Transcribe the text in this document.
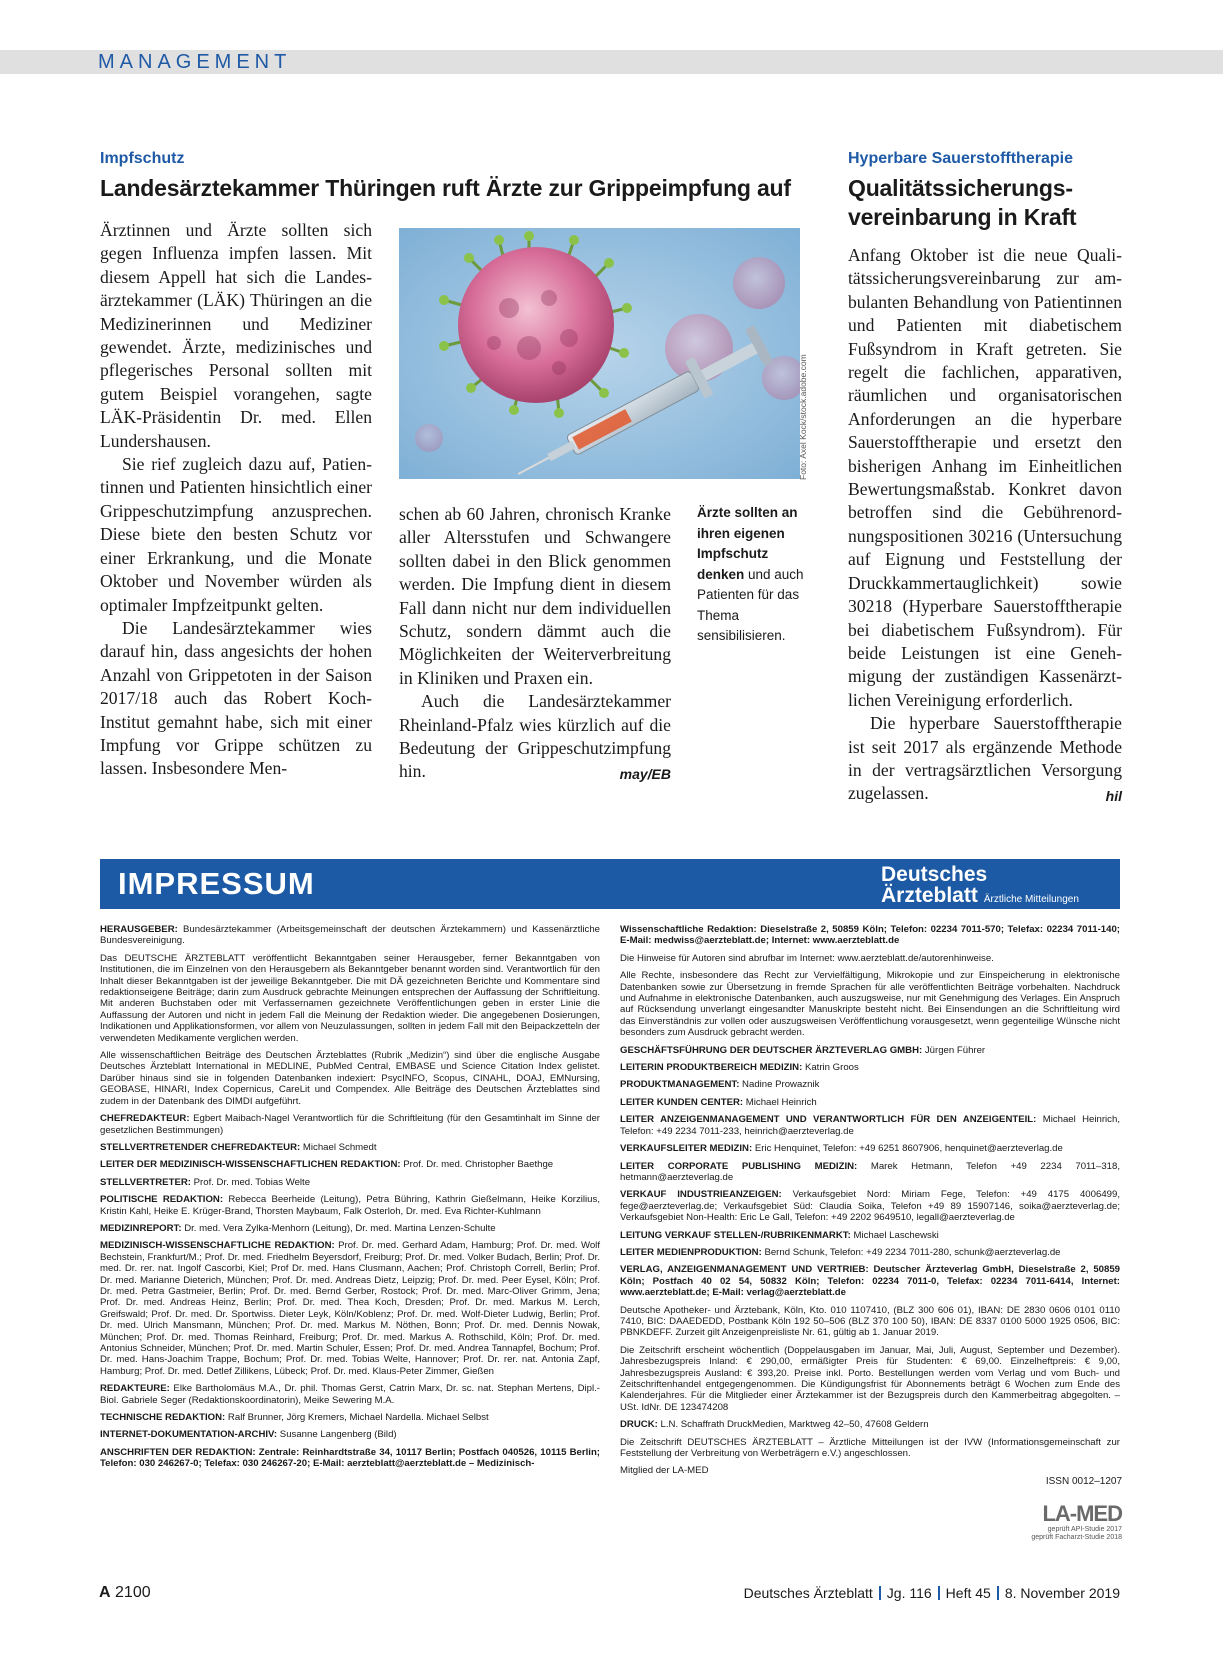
MANAGEMENT
Impfschutz
Landesärztekammer Thüringen ruft Ärzte zur Grippeimpfung auf

Ärztinnen und Ärzte sollten sich gegen Influenza impfen lassen. Mit diesem Appell hat sich die Landesärztekammer (LÄK) Thüringen an die Medizinerinnen und Mediziner gewendet. Ärzte, medizinisches und pflegerisches Personal sollten mit gutem Beispiel vorangehen, sagte LÄK-Präsidentin Dr. med. Ellen Lundershausen.

Sie rief zugleich dazu auf, Patientinnen und Patienten hinsichtlich einer Grippeschutzimpfung anzusprechen. Diese biete den besten Schutz vor einer Erkrankung, und die Monate Oktober und November würden als optimaler Impfzeitpunkt gelten.

Die Landesärztekammer wies darauf hin, dass angesichts der hohen Anzahl von Grippetoten in der Saison 2017/18 auch das Robert Koch-Institut gemahnt habe, sich mit einer Impfung vor Grippe schützen zu lassen. Insbesondere Men-

Foto: Axel Kock/stock.adobe.com

schen ab 60 Jahren, chronisch Kranke aller Altersstufen und Schwangere sollten dabei in den Blick genommen werden. Die Impfung dient in diesem Fall dann nicht nur dem individuellen Schutz, sondern dämmt auch die Möglichkeiten der Weiterverbreitung in Kliniken und Praxen ein.

Auch die Landesärztekammer Rheinland-Pfalz wies kürzlich auf die Bedeutung der Grippeschutzimpfung hin.	may/EB

Ärzte sollten an ihren eigenen Impfschutz denken und auch Patienten für das Thema sensibilisieren.
Hyperbare Sauerstofftherapie
Qualitätssicherungs-
vereinbarung in Kraft

Anfang Oktober ist die neue Qualitätssicherungsvereinbarung zur ambulanten Behandlung von Patientinnen und Patienten mit diabetischem Fußsyndrom in Kraft getreten. Sie regelt die fachlichen, apparativen, räumlichen und organisatorischen Anforderungen an die hyperbare Sauerstofftherapie und ersetzt den bisherigen Anhang im Einheitlichen Bewertungsmaßstab. Konkret davon betroffen sind die Gebührenordnungspositionen 30216 (Untersuchung auf Eignung und Feststellung der Druckkammertauglichkeit) sowie 30218 (Hyperbare Sauerstofftherapie bei diabetischem Fußsyndrom). Für beide Leistungen ist eine Genehmigung der zuständigen Kassenärztlichen Vereinigung erforderlich.

Die hyperbare Sauerstofftherapie ist seit 2017 als ergänzende Methode in der vertragsärztlichen Versorgung zugelassen.	hil

IMPRESSUM	Deutsches
Ärzteblatt Ärztliche Mitteilungen

HERAUSGEBER: Bundesärztekammer (Arbeitsgemeinschaft der deutschen Ärztekammern) und Kassenärztliche Bundesvereinigung.

Das DEUTSCHE ÄRZTEBLATT veröffentlicht Bekanntgaben seiner Herausgeber, ferner Bekanntgaben von Institutionen, die im Einzelnen von den Herausgebern als Bekanntgeber benannt worden sind. Verantwortlich für den Inhalt dieser Bekanntgaben ist der jeweilige Bekanntgeber. Die mit DÄ gezeichneten Berichte und Kommentare sind redaktionseigene Beiträge; darin zum Ausdruck gebrachte Meinungen entsprechen der Auffassung der Schriftleitung. Mit anderen Buchstaben oder mit Verfassernamen gezeichnete Veröffentlichungen geben in erster Linie die Auffassung der Autoren und nicht in jedem Fall die Meinung der Redaktion wieder. Die angegebenen Dosierungen, Indikationen und Applikationsformen, vor allem von Neuzulassungen, sollten in jedem Fall mit den Beipackzetteln der verwendeten Medikamente verglichen werden.

Alle wissenschaftlichen Beiträge des Deutschen Ärzteblattes (Rubrik „Medizin“) sind über die englische Ausgabe Deutsches Ärzteblatt International in MEDLINE, PubMed Central, EMBASE und Science Citation Index gelistet. Darüber hinaus sind sie in folgenden Datenbanken indexiert: PsycINFO, Scopus, CINAHL, DOAJ, EMNursing, GEOBASE, HINARI, Index Copernicus, CareLit und Compendex. Alle Beiträge des Deutschen Ärzteblattes sind zudem in der Datenbank des DIMDI aufgeführt.

CHEFREDAKTEUR: Egbert Maibach-Nagel Verantwortlich für die Schriftleitung (für den Gesamtinhalt im Sinne der gesetzlichen Bestimmungen)

STELLVERTRETENDER CHEFREDAKTEUR: Michael Schmedt

LEITER DER MEDIZINISCH-WISSENSCHAFTLICHEN REDAKTION: Prof. Dr. med. Christopher Baethge

STELLVERTRETER: Prof. Dr. med. Tobias Welte

POLITISCHE REDAKTION: Rebecca Beerheide (Leitung), Petra Bühring, Kathrin Gießelmann, Heike Korzilius, Kristin Kahl, Heike E. Krüger-Brand, Thorsten Maybaum, Falk Osterloh, Dr. med. Eva Richter-Kuhlmann

MEDIZINREPORT: Dr. med. Vera Zylka-Menhorn (Leitung), Dr. med. Martina Lenzen-Schulte

MEDIZINISCH-WISSENSCHAFTLICHE REDAKTION: Prof. Dr. med. Gerhard Adam, Hamburg; Prof. Dr. med. Wolf Bechstein, Frankfurt/M.; Prof. Dr. med. Friedhelm Beyersdorf, Freiburg; Prof. Dr. med. Volker Budach, Berlin; Prof. Dr. med. Dr. rer. nat. Ingolf Cascorbi, Kiel; Prof Dr. med. Hans Clusmann, Aachen; Prof. Christoph Correll, Berlin; Prof. Dr. med. Marianne Dieterich, München; Prof. Dr. med. Andreas Dietz, Leipzig; Prof. Dr. med. Peer Eysel, Köln; Prof. Dr. med. Petra Gastmeier, Berlin; Prof. Dr. med. Bernd Gerber, Rostock; Prof. Dr. med. Marc-Oliver Grimm, Jena; Prof. Dr. med. Andreas Heinz, Berlin; Prof. Dr. med. Thea Koch, Dresden; Prof. Dr. med. Markus M. Lerch, Greifswald; Prof. Dr. med. Dr. Sportwiss. Dieter Leyk, Köln/Koblenz; Prof. Dr. med. Wolf-Dieter Ludwig, Berlin; Prof. Dr. med. Ulrich Mansmann, München; Prof. Dr. med. Markus M. Nöthen, Bonn; Prof. Dr. med. Dennis Nowak, München; Prof. Dr. med. Thomas Reinhard, Freiburg; Prof. Dr. med. Markus A. Rothschild, Köln; Prof. Dr. med. Antonius Schneider, München; Prof. Dr. med. Martin Schuler, Essen; Prof. Dr. med. Andrea Tannapfel, Bochum; Prof. Dr. med. Hans-Joachim Trappe, Bochum; Prof. Dr. med. Tobias Welte, Hannover; Prof. Dr. rer. nat. Antonia Zapf, Hamburg; Prof. Dr. med. Detlef Zillikens, Lübeck; Prof. Dr. med. Klaus-Peter Zimmer, Gießen

REDAKTEURE: Elke Bartholomäus M.A., Dr. phil. Thomas Gerst, Catrin Marx, Dr. sc. nat. Stephan Mertens, Dipl.-Biol. Gabriele Seger (Redaktionskoordinatorin), Meike Sewering M.A.

TECHNISCHE REDAKTION: Ralf Brunner, Jörg Kremers, Michael Nardella. Michael Selbst

INTERNET-DOKUMENTATION-ARCHIV: Susanne Langenberg (Bild)

ANSCHRIFTEN DER REDAKTION: Zentrale: Reinhardtstraße 34, 10117 Berlin; Postfach 040526, 10115 Berlin; Telefon: 030 246267-0; Telefax: 030 246267-20; E-Mail: aerzteblatt@aerzteblatt.de – Medizinisch-

Wissenschaftliche Redaktion: Dieselstraße 2, 50859 Köln; Telefon: 02234 7011-570; Telefax: 02234 7011-140; E-Mail: medwiss@aerzteblatt.de; Internet: www.aerzteblatt.de

Die Hinweise für Autoren sind abrufbar im Internet: www.aerzteblatt.de/autorenhinweise.

Alle Rechte, insbesondere das Recht zur Vervielfältigung, Mikrokopie und zur Einspeicherung in elektronische Datenbanken sowie zur Übersetzung in fremde Sprachen für alle veröffentlichten Beiträge vorbehalten. Nachdruck und Aufnahme in elektronische Datenbanken, auch auszugsweise, nur mit Genehmigung des Verlages. Ein Anspruch auf Rücksendung unverlangt eingesandter Manuskripte besteht nicht. Bei Einsendungen an die Schriftleitung wird das Einverständnis zur vollen oder auszugsweisen Veröffentlichung vorausgesetzt, wenn gegenteilige Wünsche nicht besonders zum Ausdruck gebracht werden.

GESCHÄFTSFÜHRUNG DER DEUTSCHER ÄRZTEVERLAG GMBH: Jürgen Führer

LEITERIN PRODUKTBEREICH MEDIZIN: Katrin Groos

PRODUKTMANAGEMENT: Nadine Prowaznik

LEITER KUNDEN CENTER: Michael Heinrich

LEITER ANZEIGENMANAGEMENT UND VERANTWORTLICH FÜR DEN ANZEIGENTEIL: Michael Heinrich, Telefon: +49 2234 7011-233, heinrich@aerzteverlag.de

VERKAUFSLEITER MEDIZIN: Eric Henquinet, Telefon: +49 6251 8607906, henquinet@aerzteverlag.de

LEITER CORPORATE PUBLISHING MEDIZIN: Marek Hetmann, Telefon +49 2234 7011–318, hetmann@aerzteverlag.de

VERKAUF INDUSTRIEANZEIGEN: Verkaufsgebiet Nord: Miriam Fege, Telefon: +49 4175 4006499, fege@aerzteverlag.de; Verkaufsgebiet Süd: Claudia Soika, Telefon +49 89 15907146, soika@aerzteverlag.de; Verkaufsgebiet Non-Health: Eric Le Gall, Telefon: +49 2202 9649510, legall@aerzteverlag.de

LEITUNG VERKAUF STELLEN-/RUBRIKENMARKT: Michael Laschewski

LEITER MEDIENPRODUKTION: Bernd Schunk, Telefon: +49 2234 7011-280, schunk@aerzteverlag.de

VERLAG, ANZEIGENMANAGEMENT UND VERTRIEB: Deutscher Ärzteverlag GmbH, Dieselstraße 2, 50859 Köln; Postfach 40 02 54, 50832 Köln; Telefon: 02234 7011-0, Telefax: 02234 7011-6414, Internet: www.aerzteblatt.de; E-Mail: verlag@aerzteblatt.de

Deutsche Apotheker- und Ärztebank, Köln, Kto. 010 1107410, (BLZ 300 606 01), IBAN: DE 2830 0606 0101 0110 7410, BIC: DAAEDEDD, Postbank Köln 192 50–506 (BLZ 370 100 50), IBAN: DE 8337 0100 5000 1925 0506, BIC: PBNKDEFF. Zurzeit gilt Anzeigenpreisliste Nr. 61, gültig ab 1. Januar 2019.

Die Zeitschrift erscheint wöchentlich (Doppelausgaben im Januar, Mai, Juli, August, September und Dezember). Jahresbezugspreis Inland: € 290,00, ermäßigter Preis für Studenten: € 69,00. Einzelheftpreis: € 9,00, Jahresbezugspreis Ausland: € 393,20. Preise inkl. Porto. Bestellungen werden vom Verlag und vom Buch- und Zeitschriftenhandel entgegengenommen. Die Kündigungsfrist für Abonnements beträgt 6 Wochen zum Ende des Kalenderjahres. Für die Mitglieder einer Ärztekammer ist der Bezugspreis durch den Kammerbeitrag abgegolten. – USt. IdNr. DE 123474208

DRUCK: L.N. Schaffrath DruckMedien, Marktweg 42–50, 47608 Geldern

Die Zeitschrift DEUTSCHES ÄRZTEBLATT – Ärztliche Mitteilungen ist der IVW (Informationsgemeinschaft zur Feststellung der Verbreitung von Werbeträgern e.V.) angeschlossen.

Mitglied der LA-MED

ISSN 0012–1207
LA-MED
geprüft API-Studie 2017
geprüft Facharzt-Studie 2018
A 2100	Deutsches Ärzteblatt Jg. 116 Heft 45 8. November 2019
